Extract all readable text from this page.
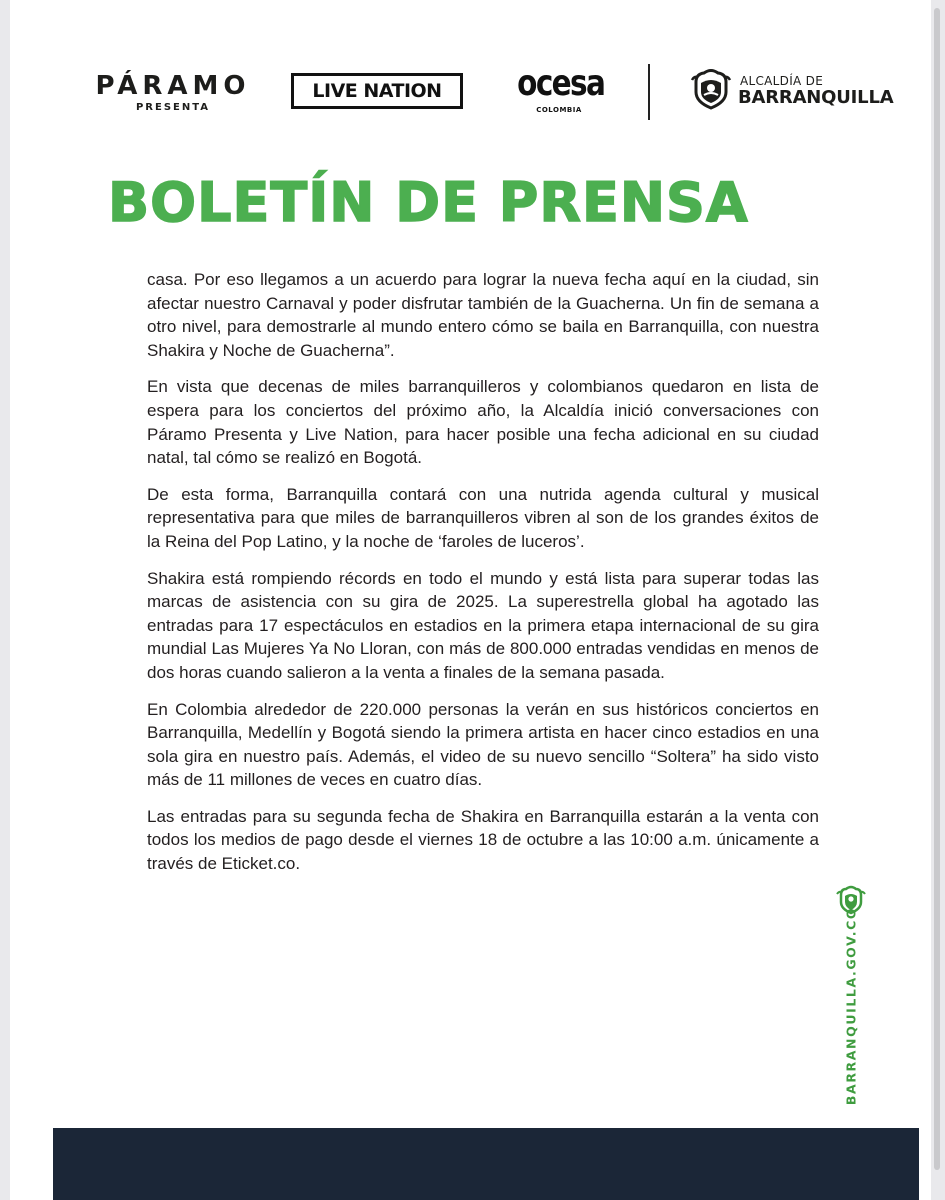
PÁRAMO
PRESENTA
LIVE NATION	ocesa
COLOMBIA
ALCALDÍA DE
BARRANQUILLA
BOLETÍN DE PRENSA

casa. Por eso llegamos a un acuerdo para lograr la nueva fecha aquí en la ciudad, sin afectar nuestro Carnaval y poder disfrutar también de la Guacherna. Un fin de semana a otro nivel, para demostrarle al mundo entero cómo se baila en Barranquilla, con nuestra Shakira y Noche de Guacherna”.

En vista que decenas de miles barranquilleros y colombianos quedaron en lista de espera para los conciertos del próximo año, la Alcaldía inició conversaciones con Páramo Presenta y Live Nation, para hacer posible una fecha adicional en su ciudad natal, tal cómo se realizó en Bogotá.

De esta forma, Barranquilla contará con una nutrida agenda cultural y musical representativa para que miles de barranquilleros vibren al son de los grandes éxitos de la Reina del Pop Latino, y la noche de ‘faroles de luceros’.

Shakira está rompiendo récords en todo el mundo y está lista para superar todas las marcas de asistencia con su gira de 2025. La superestrella global ha agotado las entradas para 17 espectáculos en estadios en la primera etapa internacional de su gira mundial Las Mujeres Ya No Lloran, con más de 800.000 entradas vendidas en menos de dos horas cuando salieron a la venta a finales de la semana pasada.

En Colombia alrededor de 220.000 personas la verán en sus históricos conciertos en Barranquilla, Medellín y Bogotá siendo la primera artista en hacer cinco estadios en una sola gira en nuestro país. Además, el video de su nuevo sencillo “Soltera” ha sido visto más de 11 millones de veces en cuatro días.

Las entradas para su segunda fecha de Shakira en Barranquilla estarán a la venta con todos los medios de pago desde el viernes 18 de octubre a las 10:00 a.m. únicamente a través de Eticket.co.

BARRANQUILLA.GOV.CO
